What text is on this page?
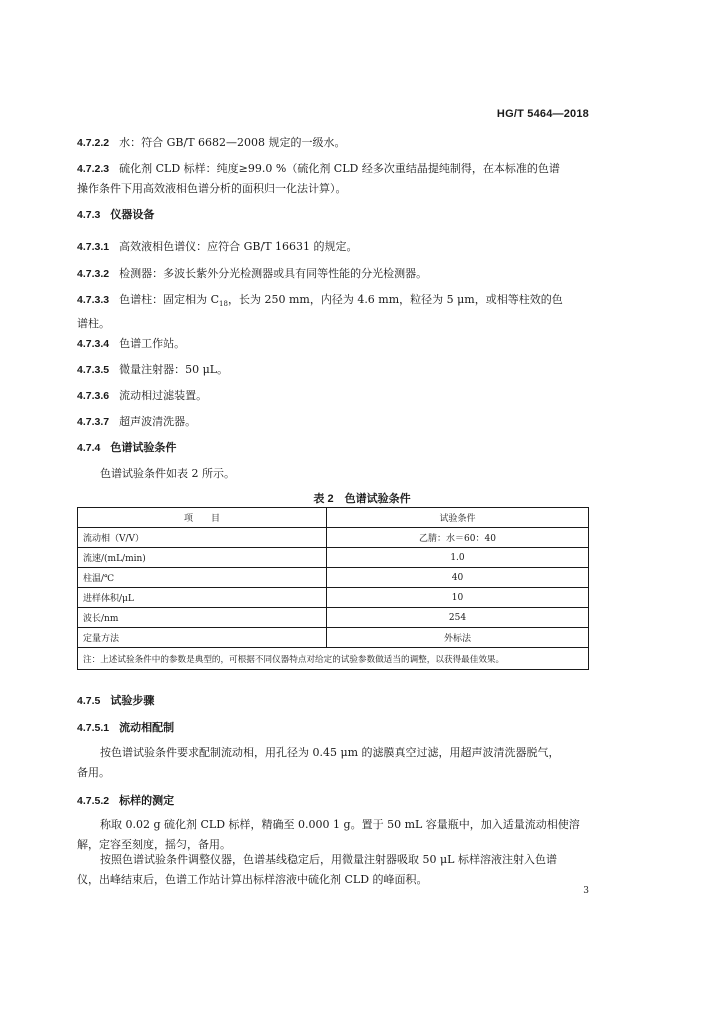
HG/T 5464—2018
4.7.2.2 水：符合 GB/T 6682—2008 规定的一级水。
4.7.2.3 硫化剂 CLD 标样：纯度≥99.0 %（硫化剂 CLD 经多次重结晶提纯制得，在本标准的色谱
操作条件下用高效液相色谱分析的面积归一化法计算）。
4.7.3 仪器设备
4.7.3.1 高效液相色谱仪：应符合 GB/T 16631 的规定。
4.7.3.2 检测器：多波长紫外分光检测器或具有同等性能的分光检测器。
4.7.3.3 色谱柱：固定相为 $C_{18}$，长为 250 mm，内径为 4.6 mm，粒径为 5 μm，或相等柱效的色
谱柱。
4.7.3.4 色谱工作站。
4.7.3.5 微量注射器：50 μL。
4.7.3.6 流动相过滤装置。
4.7.3.7 超声波清洗器。
4.7.4 色谱试验条件
色谱试验条件如表 2 所示。
表 2　色谱试验条件
项　　目	试验条件
流动相（V/V）	乙腈：水＝60：40
流速/(mL/min)	1.0
柱温/℃	40
进样体积/μL	10
波长/nm	254
定量方法	外标法
注：上述试验条件中的参数是典型的，可根据不同仪器特点对给定的试验参数做适当的调整，以获得最佳效果。	
4.7.5 试验步骤
4.7.5.1 流动相配制
按色谱试验条件要求配制流动相，用孔径为 0.45 μm 的滤膜真空过滤，用超声波清洗器脱气，
备用。
4.7.5.2 标样的测定
称取 0.02 g 硫化剂 CLD 标样，精确至 0.000 1 g。置于 50 mL 容量瓶中，加入适量流动相使溶
解，定容至刻度，摇匀，备用。
按照色谱试验条件调整仪器，色谱基线稳定后，用微量注射器吸取 50 μL 标样溶液注射入色谱
仪，出峰结束后，色谱工作站计算出标样溶液中硫化剂 CLD 的峰面积。
3
